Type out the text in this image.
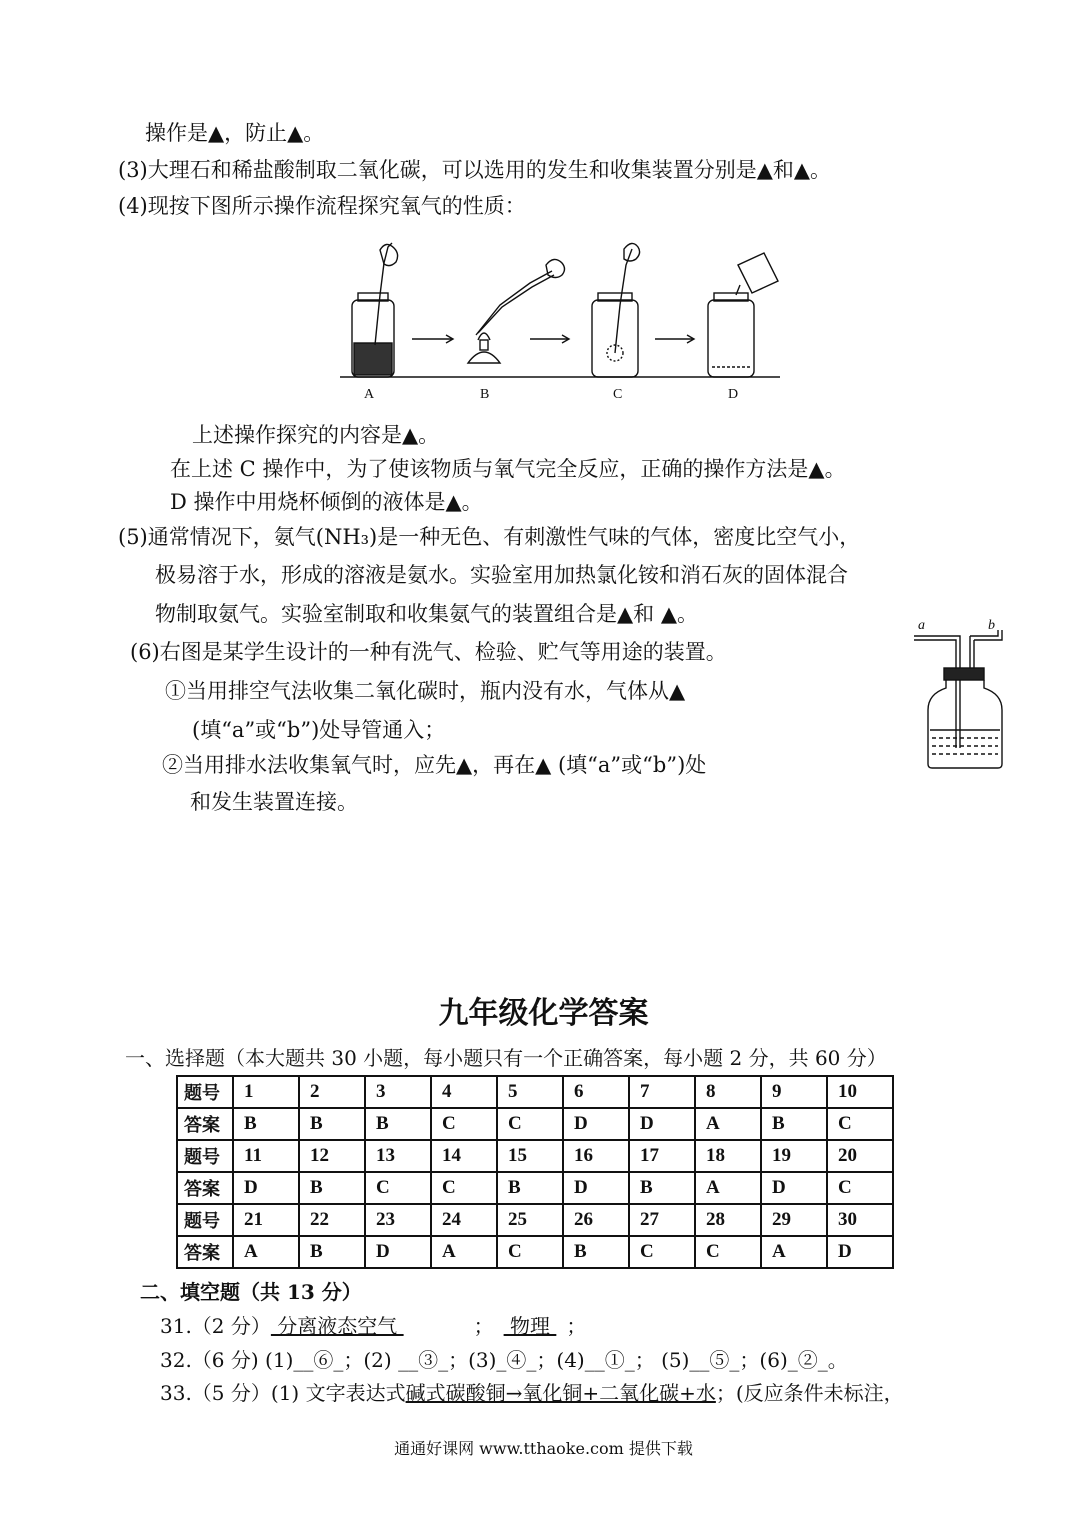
操作是▲，防止▲。
(3)大理石和稀盐酸制取二氧化碳，可以选用的发生和收集装置分别是▲和▲。
(4)现按下图所示操作流程探究氧气的性质：
A	B	C	D
上述操作探究的内容是▲。
在上述 C 操作中，为了使该物质与氧气完全反应，正确的操作方法是▲。
D 操作中用烧杯倾倒的液体是▲。
(5)通常情况下，氨气(NH₃)是一种无色、有刺激性气味的气体，密度比空气小，
极易溶于水，形成的溶液是氨水。实验室用加热氯化铵和消石灰的固体混合
物制取氨气。实验室制取和收集氨气的装置组合是▲和 ▲。
(6)右图是某学生设计的一种有洗气、检验、贮气等用途的装置。
①当用排空气法收集二氧化碳时，瓶内没有水，气体从▲
(填“a”或“b”)处导管通入；
②当用排水法收集氧气时，应先▲，再在▲ (填“a”或“b”)处
和发生装置连接。
a	b
九年级化学答案
一、选择题（本大题共 30 小题，每小题只有一个正确答案，每小题 2 分，共 60 分）
题号	1	2	3	4	5	6	7	8	9	10
答案	B	B	B	C	C	D	D	A	B	C
题号	11	12	13	14	15	16	17	18	19	20
答案	D	B	C	C	B	D	B	A	D	C
题号	21	22	23	24	25	26	27	28	29	30
答案	A	B	D	A	C	B	C	C	A	D
二、填空题（共 13 分）
31.（2 分） 分离液态空气	； 物理 ；
32.（6 分) (1)__⑥_；(2) __③_；(3)_④_；(4)__①_； (5)__⑤_；(6)_②_。
33.（5 分）(1) 文字表达式碱式碳酸铜→氧化铜+二氧化碳+水；(反应条件未标注，
通通好课网 www.tthaoke.com 提供下载
